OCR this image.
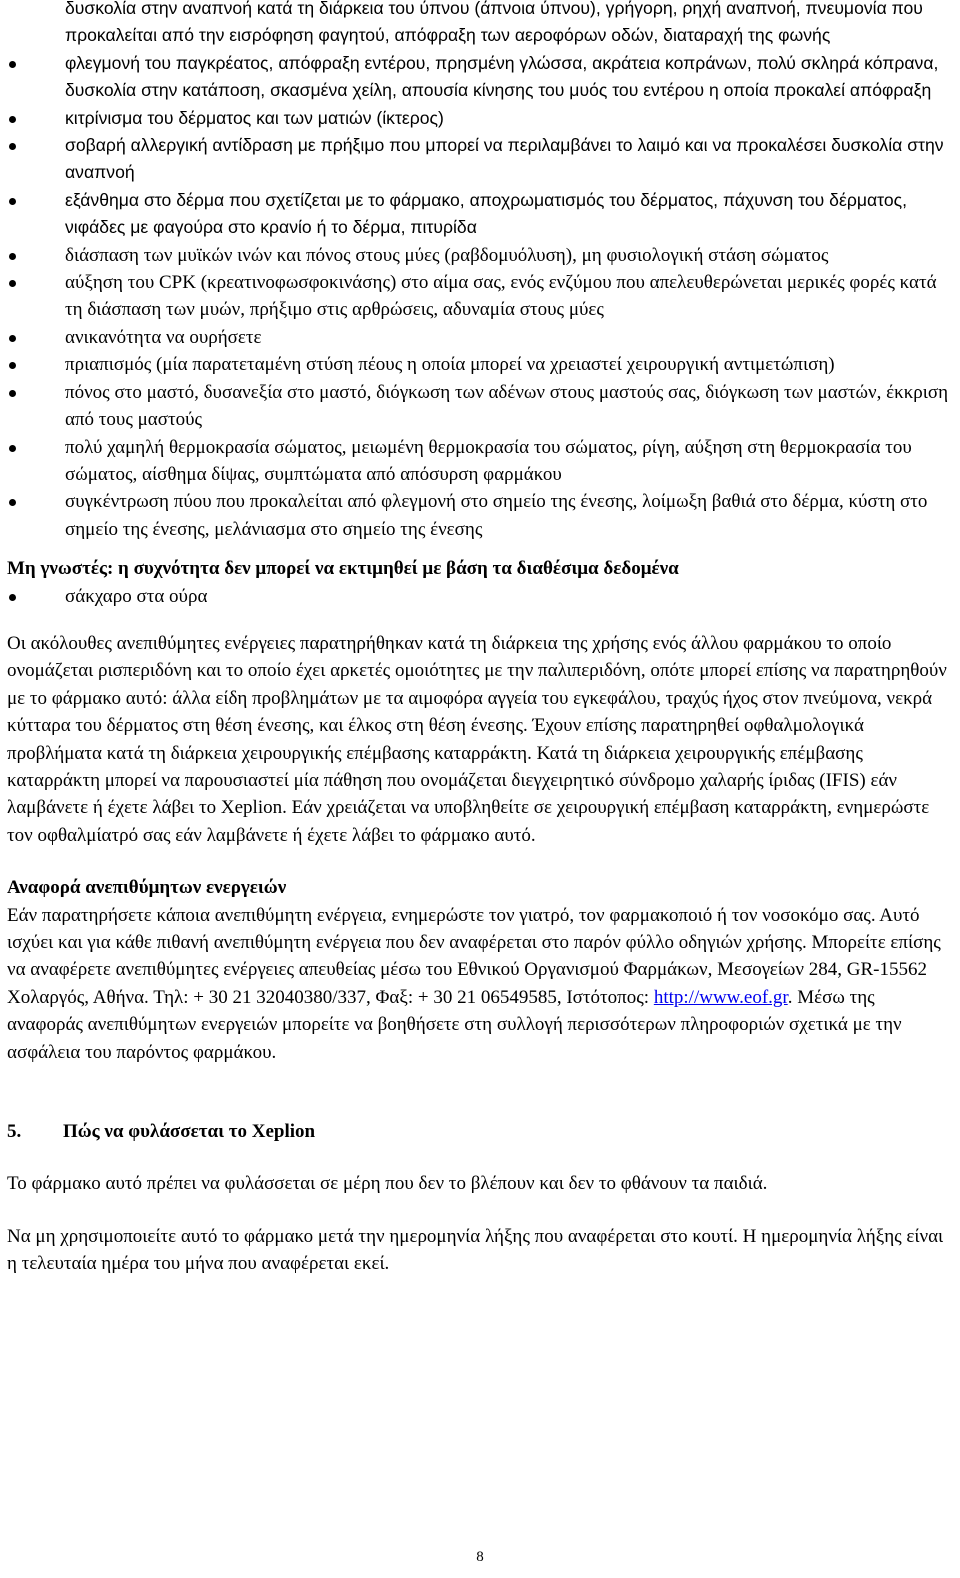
δυσκολία στην αναπνοή κατά τη διάρκεια του ύπνου (άπνοια ύπνου), γρήγορη, ρηχή αναπνοή, πνευμονία που προκαλείται από την εισρόφηση φαγητού, απόφραξη των αεροφόρων οδών, διαταραχή της φωνής
φλεγμονή του παγκρέατος, απόφραξη εντέρου, πρησμένη γλώσσα, ακράτεια κοπράνων, πολύ σκληρά κόπρανα, δυσκολία στην κατάποση, σκασμένα χείλη, απουσία κίνησης του μυός του εντέρου η οποία προκαλεί απόφραξη
κιτρίνισμα του δέρματος και των ματιών (ίκτερος)
σοβαρή αλλεργική αντίδραση με πρήξιμο που μπορεί να περιλαμβάνει το λαιμό και να προκαλέσει δυσκολία στην αναπνοή
εξάνθημα στο δέρμα που σχετίζεται με το φάρμακο, αποχρωματισμός του δέρματος, πάχυνση του δέρματος, νιφάδες με φαγούρα στο κρανίο ή το δέρμα, πιτυρίδα
διάσπαση των μυϊκών ινών και πόνος στους μύες (ραβδομυόλυση), μη φυσιολογική στάση σώματος
αύξηση του CPK (κρεατινοφωσφοκινάσης) στο αίμα σας, ενός ενζύμου που απελευθερώνεται μερικές φορές κατά τη διάσπαση των μυών, πρήξιμο στις αρθρώσεις, αδυναμία στους μύες
ανικανότητα να ουρήσετε
πριαπισμός (μία παρατεταμένη στύση πέους η οποία μπορεί να χρειαστεί χειρουργική αντιμετώπιση)
πόνος στο μαστό, δυσανεξία στο μαστό, διόγκωση των αδένων στους μαστούς σας, διόγκωση των μαστών, έκκριση από τους μαστούς
πολύ χαμηλή θερμοκρασία σώματος, μειωμένη θερμοκρασία του σώματος, ρίγη, αύξηση στη θερμοκρασία του σώματος, αίσθημα δίψας, συμπτώματα από απόσυρση φαρμάκου
συγκέντρωση πύου που προκαλείται από φλεγμονή στο σημείο της ένεσης, λοίμωξη βαθιά στο δέρμα, κύστη στο σημείο της ένεσης, μελάνιασμα στο σημείο της ένεσης

Μη γνωστές: η συχνότητα δεν μπορεί να εκτιμηθεί με βάση τα διαθέσιμα δεδομένα

σάκχαρο στα ούρα

Οι ακόλουθες ανεπιθύμητες ενέργειες παρατηρήθηκαν κατά τη διάρκεια της χρήσης ενός άλλου φαρμάκου το οποίο ονομάζεται ρισπεριδόνη και το οποίο έχει αρκετές ομοιότητες με την παλιπεριδόνη, οπότε μπορεί επίσης να παρατηρηθούν με το φάρμακο αυτό: άλλα είδη προβλημάτων με τα αιμοφόρα αγγεία του εγκεφάλου, τραχύς ήχος στον πνεύμονα, νεκρά κύτταρα του δέρματος στη θέση ένεσης, και έλκος στη θέση ένεσης. Έχουν επίσης παρατηρηθεί οφθαλμολογικά προβλήματα κατά τη διάρκεια χειρουργικής επέμβασης καταρράκτη. Κατά τη διάρκεια χειρουργικής επέμβασης καταρράκτη μπορεί να παρουσιαστεί μία πάθηση που ονομάζεται διεγχειρητικό σύνδρομο χαλαρής ίριδας (IFIS) εάν λαμβάνετε ή έχετε λάβει το Xeplion. Εάν χρειάζεται να υποβληθείτε σε χειρουργική επέμβαση καταρράκτη, ενημερώστε τον οφθαλμίατρό σας εάν λαμβάνετε ή έχετε λάβει το φάρμακο αυτό.

Αναφορά ανεπιθύμητων ενεργειών

Εάν παρατηρήσετε κάποια ανεπιθύμητη ενέργεια, ενημερώστε τον γιατρό, τον φαρμακοποιό ή τον νοσοκόμο σας. Αυτό ισχύει και για κάθε πιθανή ανεπιθύμητη ενέργεια που δεν αναφέρεται στο παρόν φύλλο οδηγιών χρήσης. Μπορείτε επίσης να αναφέρετε ανεπιθύμητες ενέργειες απευθείας μέσω του Εθνικού Οργανισμού Φαρμάκων, Μεσογείων 284, GR-15562 Χολαργός, Αθήνα. Τηλ: + 30 21 32040380/337, Φαξ: + 30 21 06549585, Ιστότοπος: http://www.eof.gr. Μέσω της αναφοράς ανεπιθύμητων ενεργειών μπορείτε να βοηθήσετε στη συλλογή περισσότερων πληροφοριών σχετικά με την ασφάλεια του παρόντος φαρμάκου.

5.	Πώς να φυλάσσεται το Xeplion

Το φάρμακο αυτό πρέπει να φυλάσσεται σε μέρη που δεν το βλέπουν και δεν το φθάνουν τα παιδιά.

Να μη χρησιμοποιείτε αυτό το φάρμακο μετά την ημερομηνία λήξης που αναφέρεται στο κουτί. Η ημερομηνία λήξης είναι η τελευταία ημέρα του μήνα που αναφέρεται εκεί.

8
